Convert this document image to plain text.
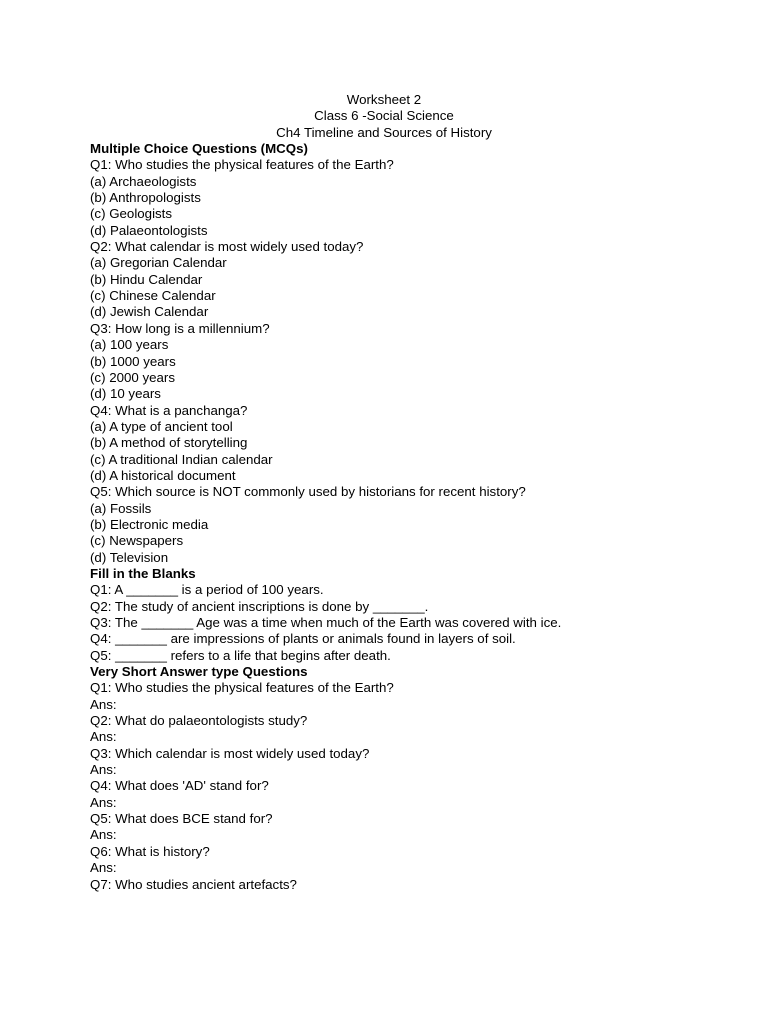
Worksheet 2
Class 6 -Social Science
Ch4 Timeline and Sources of History
Multiple Choice Questions (MCQs)
Q1: Who studies the physical features of the Earth?
(a) Archaeologists
(b) Anthropologists
(c) Geologists
(d) Palaeontologists
Q2: What calendar is most widely used today?
(a) Gregorian Calendar
(b) Hindu Calendar
(c) Chinese Calendar
(d) Jewish Calendar
Q3: How long is a millennium?
(a) 100 years
(b) 1000 years
(c) 2000 years
(d) 10 years
Q4: What is a panchanga?
(a) A type of ancient tool
(b) A method of storytelling
(c) A traditional Indian calendar
(d) A historical document
Q5: Which source is NOT commonly used by historians for recent history?
(a) Fossils
(b) Electronic media
(c) Newspapers
(d) Television
Fill in the Blanks
Q1: A _______ is a period of 100 years.
Q2: The study of ancient inscriptions is done by _______.
Q3: The _______ Age was a time when much of the Earth was covered with ice.
Q4: _______ are impressions of plants or animals found in layers of soil.
Q5: _______ refers to a life that begins after death.
Very Short Answer type Questions
Q1: Who studies the physical features of the Earth?
Ans:
Q2: What do palaeontologists study?
Ans:
Q3: Which calendar is most widely used today?
Ans:
Q4: What does 'AD' stand for?
Ans:
Q5: What does BCE stand for?
Ans:
Q6: What is history?
Ans:
Q7: Who studies ancient artefacts?
